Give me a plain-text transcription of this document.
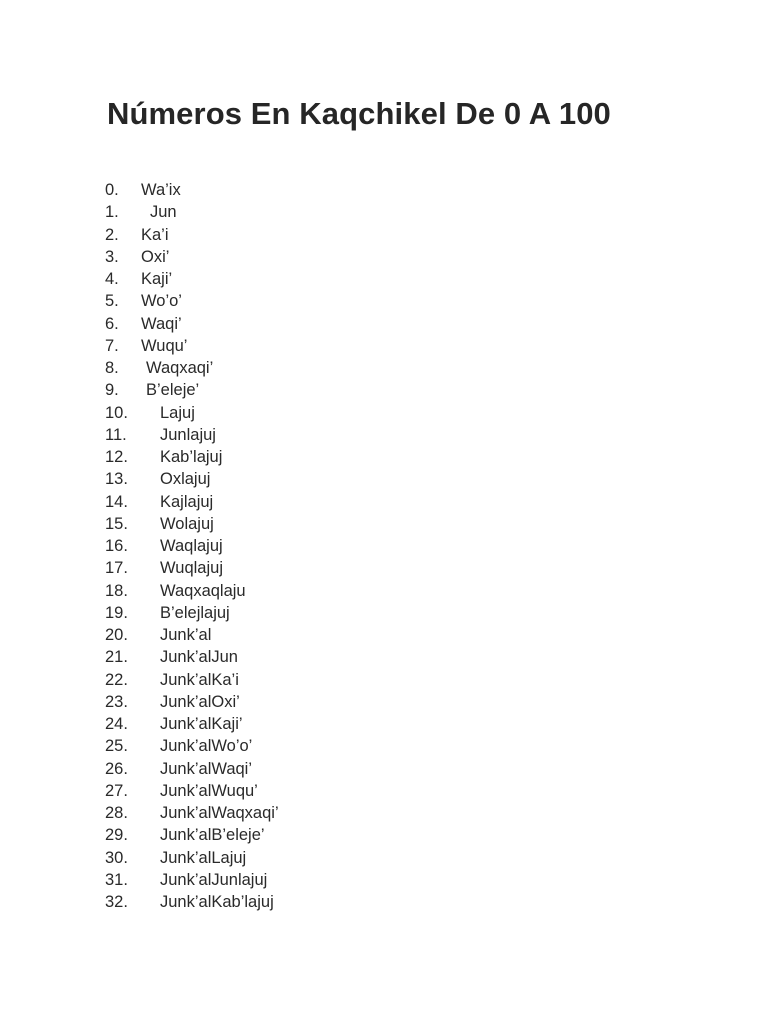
Números En Kaqchikel De 0 A 100
0. Wa’ix
1. Jun
2. Ka’i
3. Oxi’
4. Kaji’
5. Wo’o’
6. Waqi’
7. Wuqu’
8. Waqxaqi’
9. B’eleje’
10. Lajuj
11. Junlajuj
12. Kab’lajuj
13. Oxlajuj
14. Kajlajuj
15. Wolajuj
16. Waqlajuj
17. Wuqlajuj
18. Waqxaqlaju
19. B’elejlajuj
20. Junk’al
21. Junk’alJun
22. Junk’alKa’i
23. Junk’alOxi’
24. Junk’alKaji’
25. Junk’alWo’o’
26. Junk’alWaqi’
27. Junk’alWuqu’
28. Junk’alWaqxaqi’
29. Junk’alB’eleje’
30. Junk’alLajuj
31. Junk’alJunlajuj
32. Junk’alKab’lajuj
